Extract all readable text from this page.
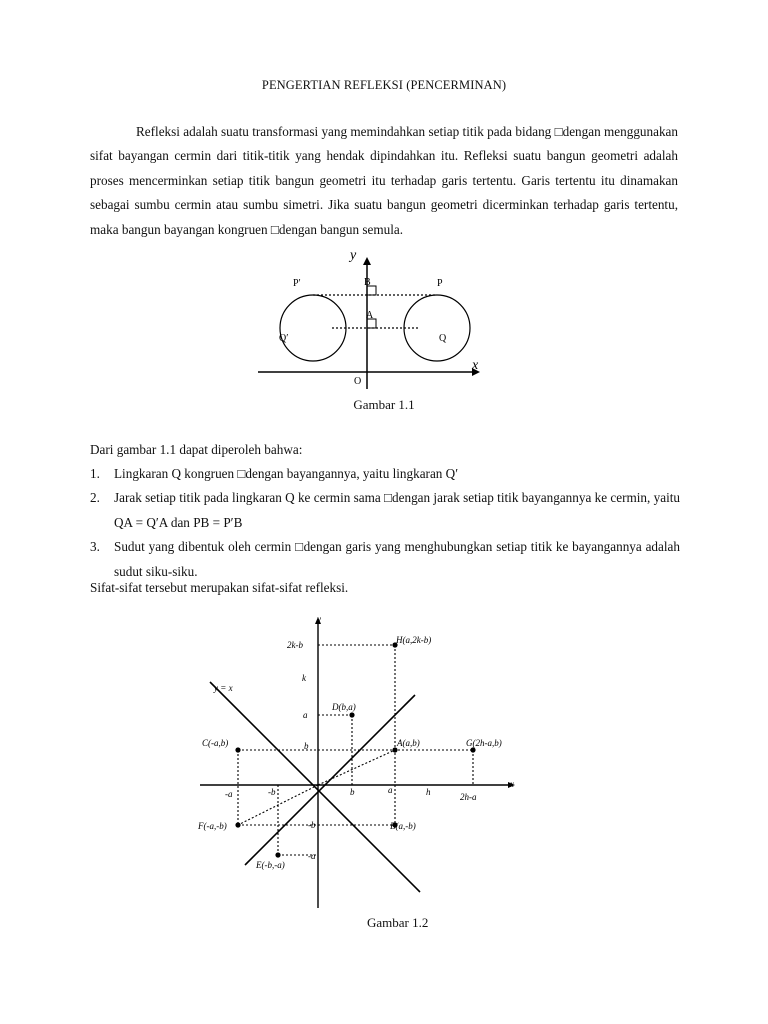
PENGERTIAN REFLEKSI (PENCERMINAN)

Refleksi adalah suatu transformasi yang memindahkan setiap titik pada bidang □dengan menggunakan sifat bayangan cermin dari titik-titik yang hendak dipindahkan itu. Refleksi suatu bangun geometri adalah proses mencerminkan setiap titik bangun geometri itu terhadap garis tertentu. Garis tertentu itu dinamakan sebagai sumbu cermin atau sumbu simetri. Jika suatu bangun geometri dicerminkan terhadap garis tertentu, maka bangun bayangan kongruen □dengan bangun semula.

y
x
O
P′	P
B
A
Q′	Q
Gambar 1.1
Dari gambar 1.1 dapat diperoleh bahwa:
1. Lingkaran Q kongruen □dengan bayangannya, yaitu lingkaran Q′
2. Jarak setiap titik pada lingkaran Q ke cermin sama □dengan jarak setiap titik bayangannya ke cermin, yaitu QA = Q′A dan PB = P′B
3. Sudut yang dibentuk oleh cermin □dengan garis yang menghubungkan setiap titik ke bayangannya adalah sudut siku-siku.
Sifat-sifat tersebut merupakan sifat-sifat refleksi.
y
x
y = x
H(a,2k-b)
D(b,a)
C(-a,b)	A(a,b)	G(2h-a,b)
F(-a,-b)	B(a,-b)
E(-b,-a)
2k-b
k
a
b
-b
-a
-a	-b	b	a	h	2h-a
Gambar 1.2
